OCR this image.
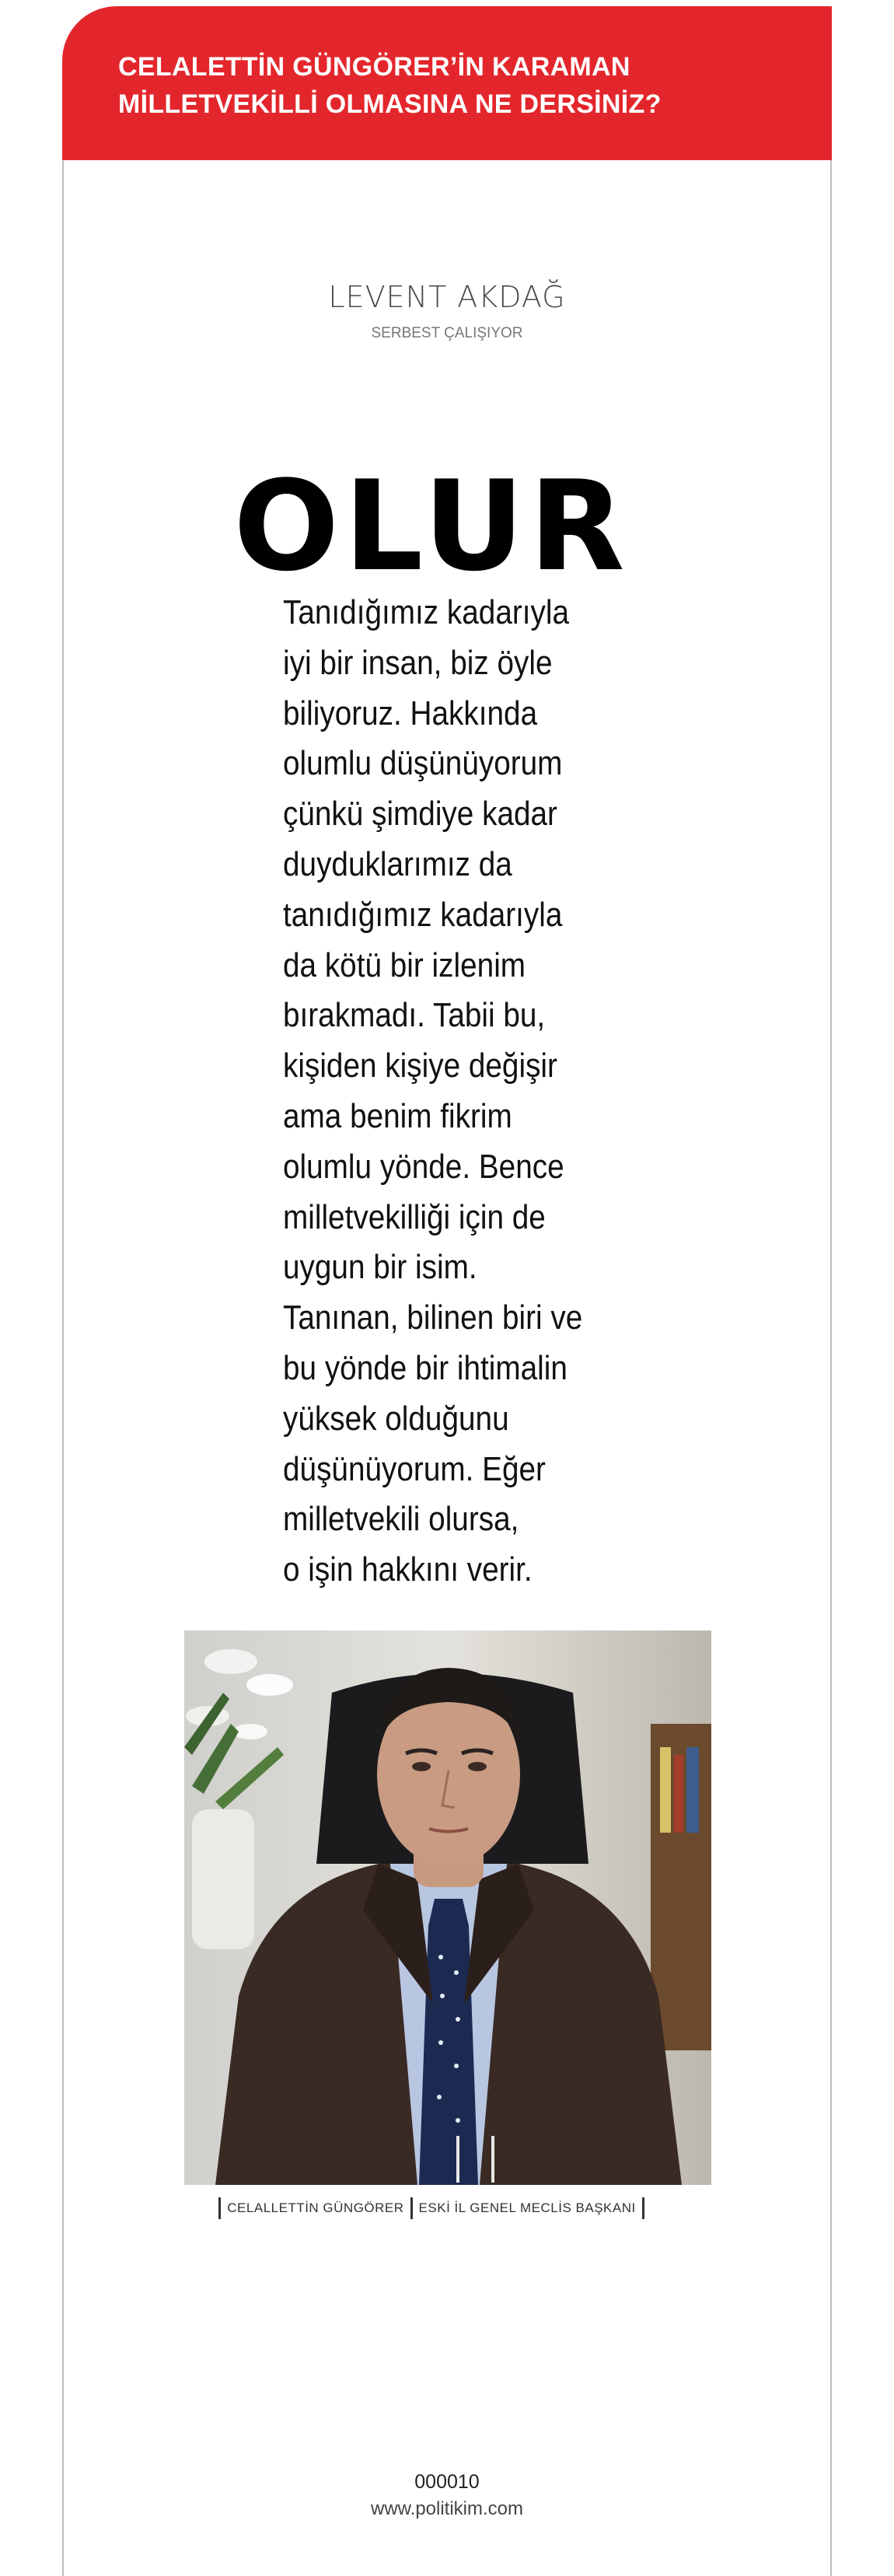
CELALETTİN GÜNGÖRER’İN KARAMAN
MİLLETVEKİLLİ OLMASINA NE DERSİNİZ?

LEVENT AKDAĞ

SERBEST ÇALIŞIYOR

OLUR

Tanıdığımız kadarıyla
iyi bir insan, biz öyle
biliyoruz. Hakkında
olumlu düşünüyorum
çünkü şimdiye kadar
duyduklarımız da
tanıdığımız kadarıyla
da kötü bir izlenim
bırakmadı. Tabii bu,
kişiden kişiye değişir
ama benim fikrim
olumlu yönde. Bence
milletvekilliği için de
uygun bir isim.
Tanınan, bilinen biri ve
bu yönde bir ihtimalin
yüksek olduğunu
düşünüyorum. Eğer
milletvekili olursa,
o işin hakkını verir.

CELALLETTİN GÜNGÖRER ESKİ İL GENEL MECLİS BAŞKANI

000010

www.politikim.com
